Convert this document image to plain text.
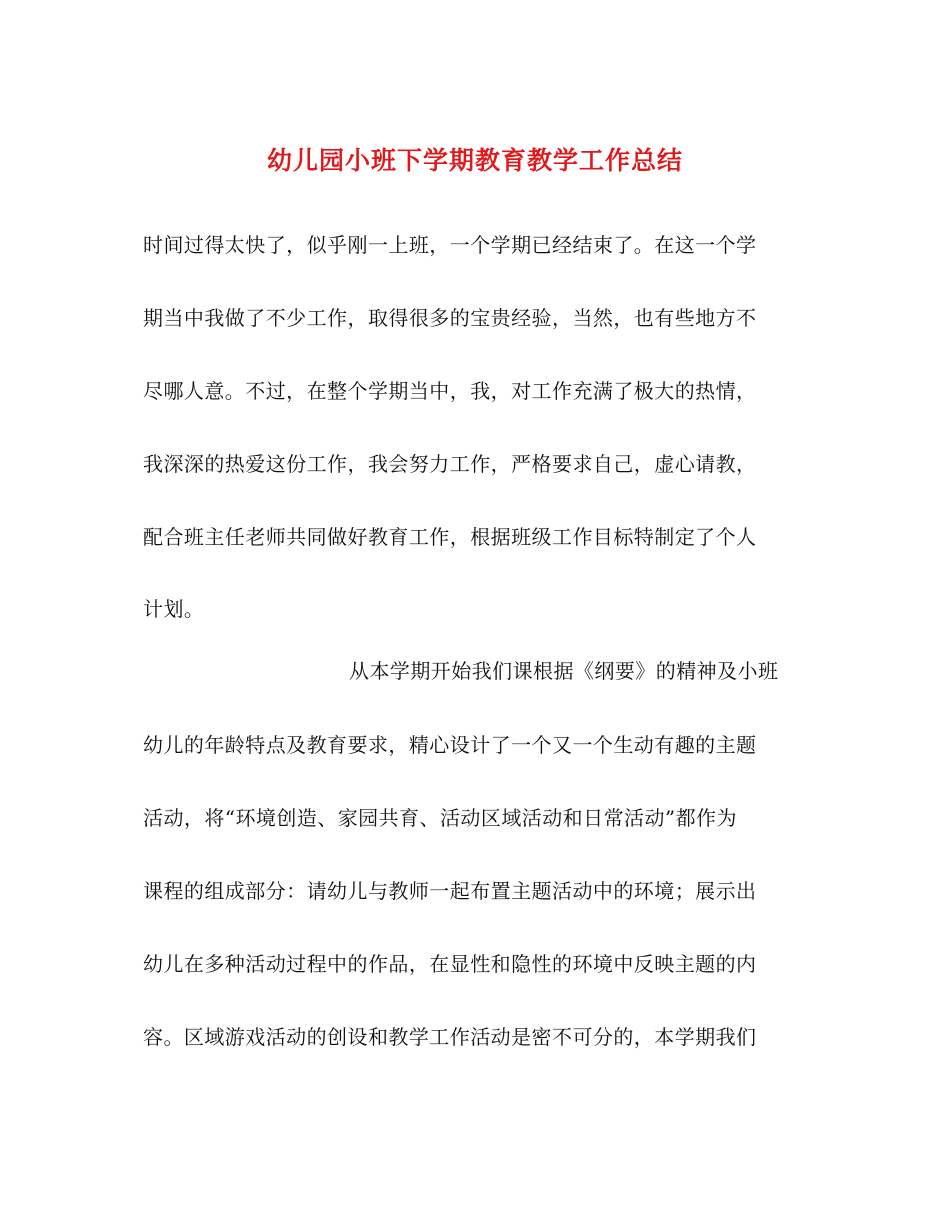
幼儿园小班下学期教育教学工作总结
时间过得太快了，似乎刚一上班，一个学期已经结束了。在这一个学
期当中我做了不少工作，取得很多的宝贵经验，当然，也有些地方不
尽哪人意。不过，在整个学期当中，我，对工作充满了极大的热情，
我深深的热爱这份工作，我会努力工作，严格要求自己，虚心请教，
配合班主任老师共同做好教育工作，根据班级工作目标特制定了个人
计划。
从本学期开始我们课根据《纲要》的精神及小班
幼儿的年龄特点及教育要求，精心设计了一个又一个生动有趣的主题
活动，将“环境创造、家园共育、活动区域活动和日常活动”都作为
课程的组成部分：请幼儿与教师一起布置主题活动中的环境；展示出
幼儿在多种活动过程中的作品，在显性和隐性的环境中反映主题的内
容。区域游戏活动的创设和教学工作活动是密不可分的，本学期我们
